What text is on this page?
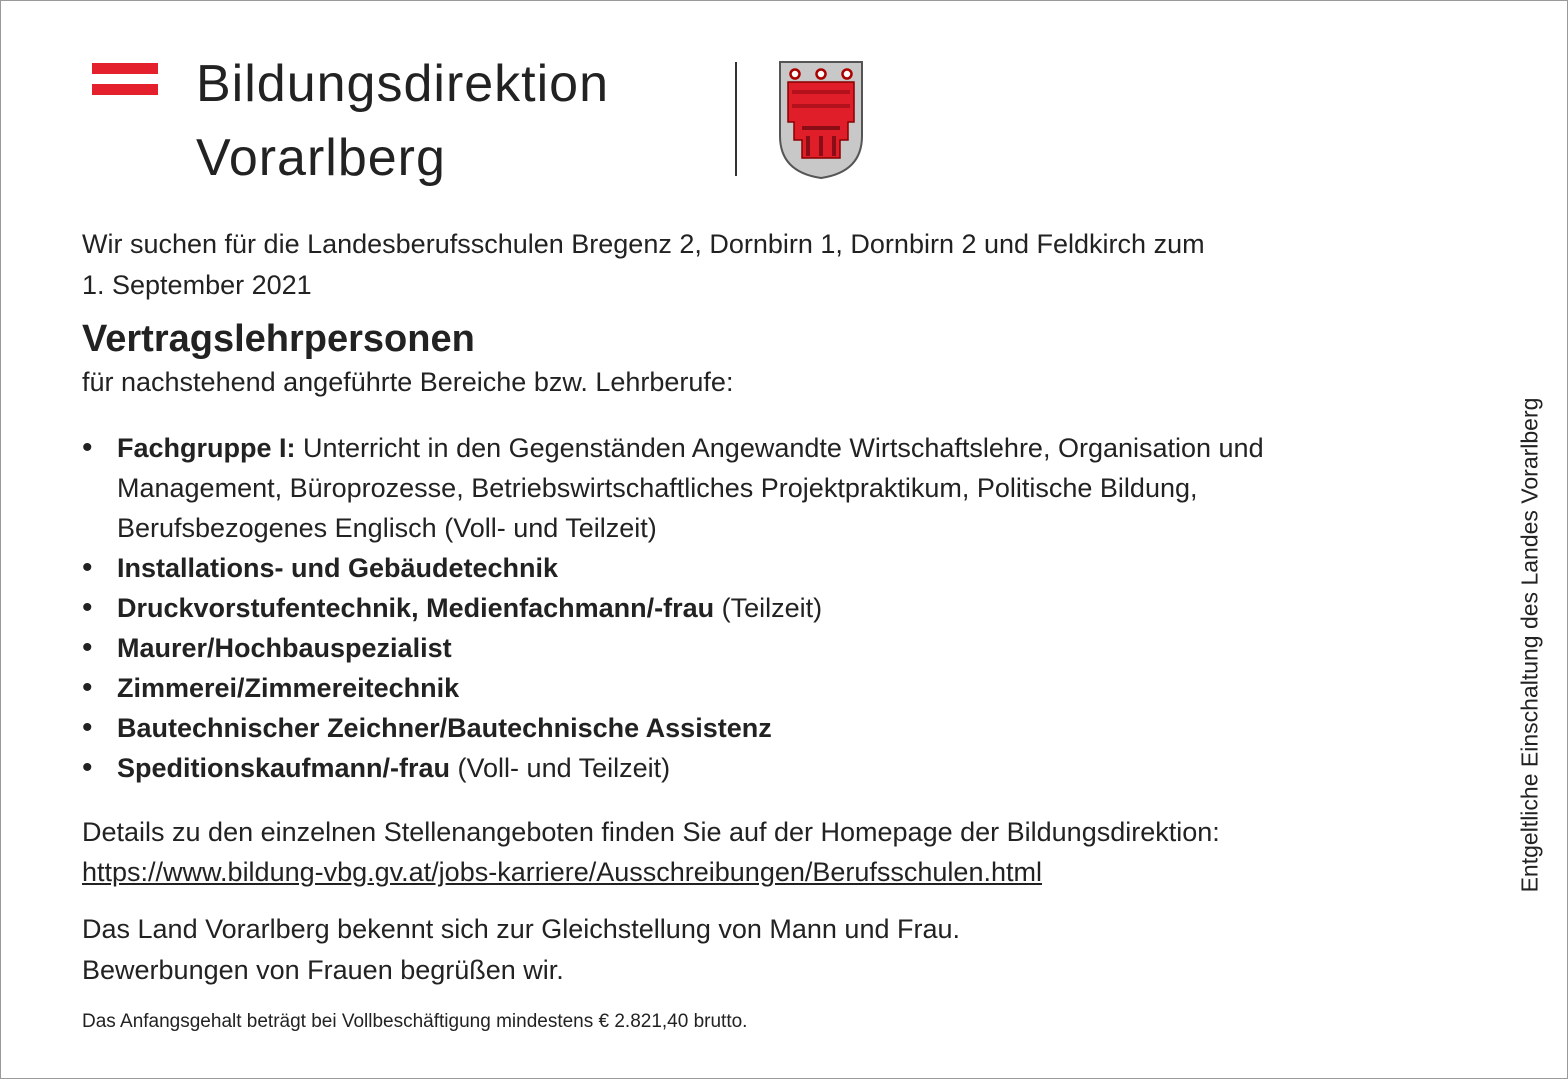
Bildungsdirektion
Vorarlberg
Wir suchen für die Landesberufsschulen Bregenz 2, Dornbirn 1, Dornbirn 2 und Feldkirch zum
1. September 2021
Vertragslehrpersonen
für nachstehend angeführte Bereiche bzw. Lehrberufe:
• Fachgruppe I: Unterricht in den Gegenständen Angewandte Wirtschaftslehre, Organisation und Management, Büroprozesse, Betriebswirtschaftliches Projektpraktikum, Politische Bildung, Berufsbezogenes Englisch (Voll- und Teilzeit)
• Installations- und Gebäudetechnik
• Druckvorstufentechnik, Medienfachmann/-frau (Teilzeit)
• Maurer/Hochbauspezialist
• Zimmerei/Zimmereitechnik
• Bautechnischer Zeichner/Bautechnische Assistenz
• Speditionskaufmann/-frau (Voll- und Teilzeit)
Details zu den einzelnen Stellenangeboten finden Sie auf der Homepage der Bildungsdirektion:
https://www.bildung-vbg.gv.at/jobs-karriere/Ausschreibungen/Berufsschulen.html
Das Land Vorarlberg bekennt sich zur Gleichstellung von Mann und Frau.
Bewerbungen von Frauen begrüßen wir.
Das Anfangsgehalt beträgt bei Vollbeschäftigung mindestens € 2.821,40 brutto.
Entgeltliche Einschaltung des Landes Vorarlberg
